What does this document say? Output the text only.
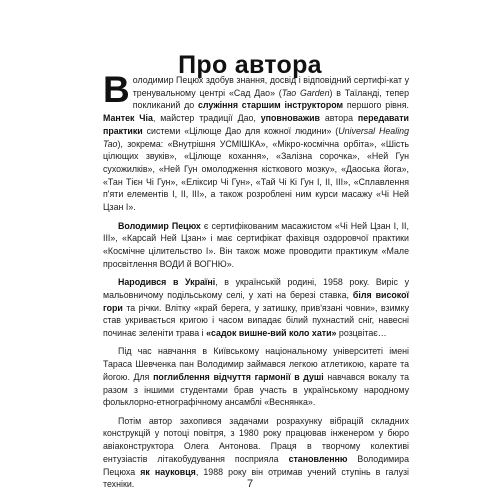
Про автора

Володимир Пецюх здобув знання, досвід і відповідний сертифі-кат у тренувальному центрі «Сад Дао» (Tao Garden) в Таїланді, тепер покликаний до служіння старшим інструктором першого рівня. Мантек Чіа, майстер традиції Дао, уповноважив автора передавати практики системи «Цілюще Дао для кожної людини» (Universal Healing Tao), зокрема: «Внутрішня УСМІШКА», «Мікро-космічна орбіта», «Шість цілющих звуків», «Цілюще кохання», «Залізна сорочка», «Ней Гун сухожилків», «Ней Гун омолодження кісткового мозку», «Даоська йога», «Тан Тієн Чі Гун», «Еліксир Чі Гун», «Тай Чі Кі Гун I, II, III», «Сплавлення п'яти елементів I, II, III», а також розроблені ним курси масажу «Чі Ней Цзан I».

Володимир Пецюх є сертифікованим масажистом «Чі Ней Цзан I, II, III», «Карсай Ней Цзан» і має сертифікат фахівця оздоровчої практики «Космічне цілительство I». Він також може проводити практикум «Мале просвітлення ВОДИ й ВОГНЮ».

Народився в Україні, в українській родині, 1958 року. Виріс у мальовничому подільському селі, у хаті на березі ставка, біля високої гори та річки. Влітку «край берега, у затишку, прив'язані човни», взимку став укривається кригою і часом випадає білий пухнастий сніг, навесні починає зеленіти трава і «садок вишне-вий коло хати» розцвітає…

Під час навчання в Київському національному університеті імені Тараса Шевченка пан Володимир займався легкою атлетикою, карате та йогою. Для поглиблення відчуття гармонії в душі навчався вокалу та разом з іншими студентами брав участь в українському народному фольклорно-етнографічному ансамблі «Веснянка».

Потім автор захопився задачами розрахунку вібрацій складних конструкцій у потоці повітря, з 1980 року працював інженером у бюро авіаконструктора Олега Антонова. Праця в творчому колективі ентузіастів літакобудування посприяла становленню Володимира Пецюха як науковця, 1988 року він отримав учений ступінь в галузі техніки.	7
